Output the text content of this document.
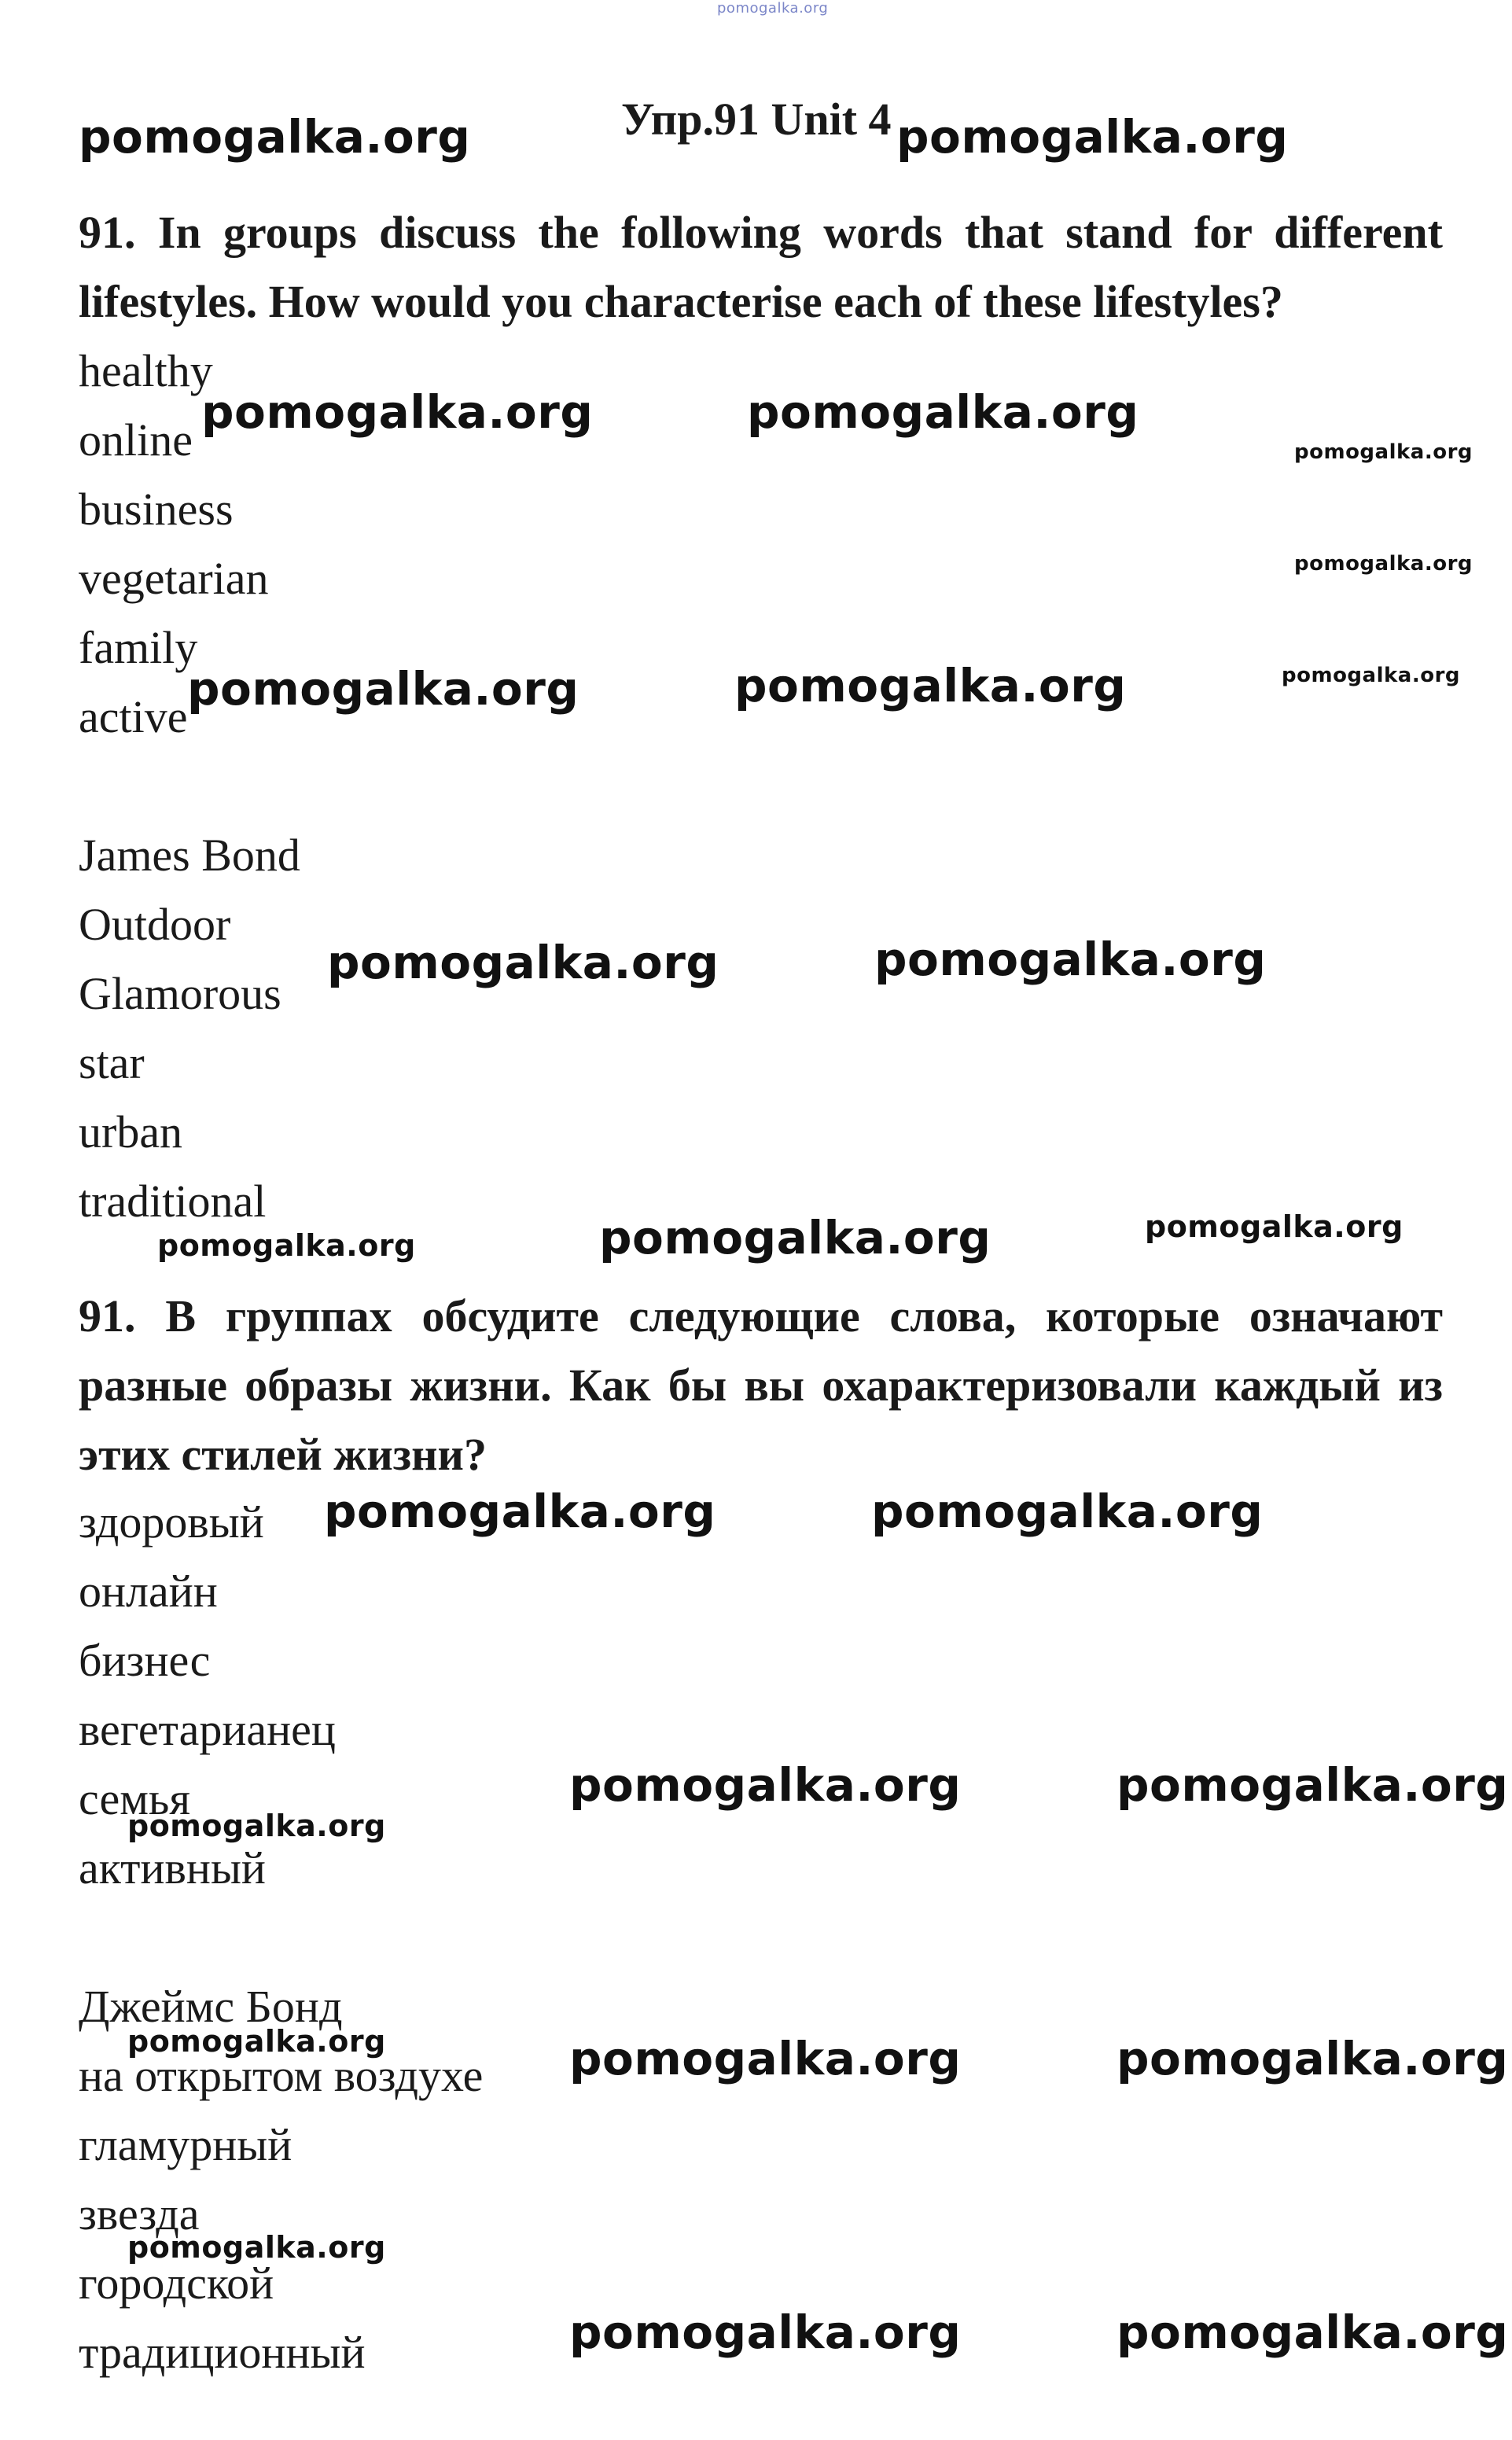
pomogalka.org
Упр.91 Unit 4

91. In groups discuss the following words that stand for different lifestyles. How would you characterise each of these lifestyles?

healthy
online
business
vegetarian
family
active
James Bond
Outdoor
Glamorous
star
urban
traditional

91. В группах обсудите следующие слова, которые означают разные образы жизни. Как бы вы охарактеризовали каждый из этих стилей жизни?

здоровый
онлайн
бизнес
вегетарианец
семья
активный
Джеймс Бонд
на открытом воздухе
гламурный
звезда
городской
традиционный
pomogalka.org	pomogalka.org
pomogalka.org	pomogalka.org
pomogalka.org
pomogalka.org
pomogalka.org	pomogalka.org	pomogalka.org
pomogalka.org	pomogalka.org
pomogalka.org	pomogalka.org	pomogalka.org
pomogalka.org	pomogalka.org
pomogalka.org	pomogalka.org
pomogalka.org
pomogalka.org	pomogalka.org	pomogalka.org
pomogalka.org
pomogalka.org	pomogalka.org
